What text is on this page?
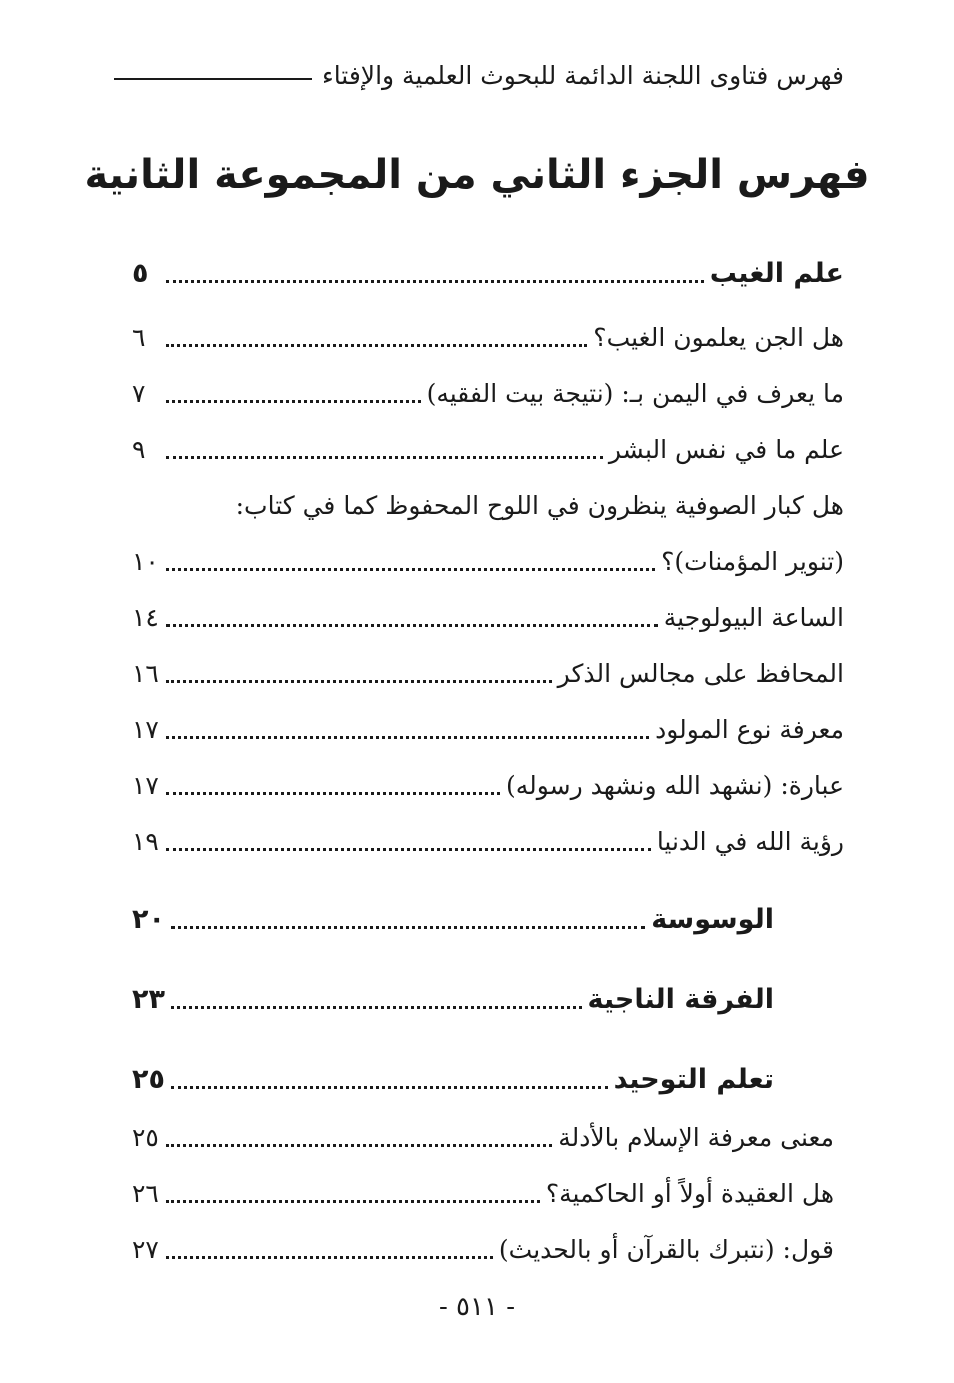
فهرس فتاوى اللجنة الدائمة للبحوث العلمية والإفتاء
فهرس الجزء الثاني من المجموعة الثانية
علم الغيب
٥
هل الجن يعلمون الغيب؟
٦
ما يعرف في اليمن بـ: (نتيجة بيت الفقيه)
٧
علم ما في نفس البشر
٩
هل كبار الصوفية ينظرون في اللوح المحفوظ كما في كتاب:
(تنوير المؤمنات)؟
١٠
الساعة البيولوجية
١٤
المحافظ على مجالس الذكر
١٦
معرفة نوع المولود
١٧
عبارة: (نشهد الله ونشهد رسوله)
١٧
رؤية الله في الدنيا
١٩
الوسوسة
٢٠
الفرقة الناجية
٢٣
تعلم التوحيد
٢٥
معنى معرفة الإسلام بالأدلة
٢٥
هل العقيدة أولاً أو الحاكمية؟
٢٦
قول: (نتبرك بالقرآن أو بالحديث)
٢٧
- ٥١١ -
